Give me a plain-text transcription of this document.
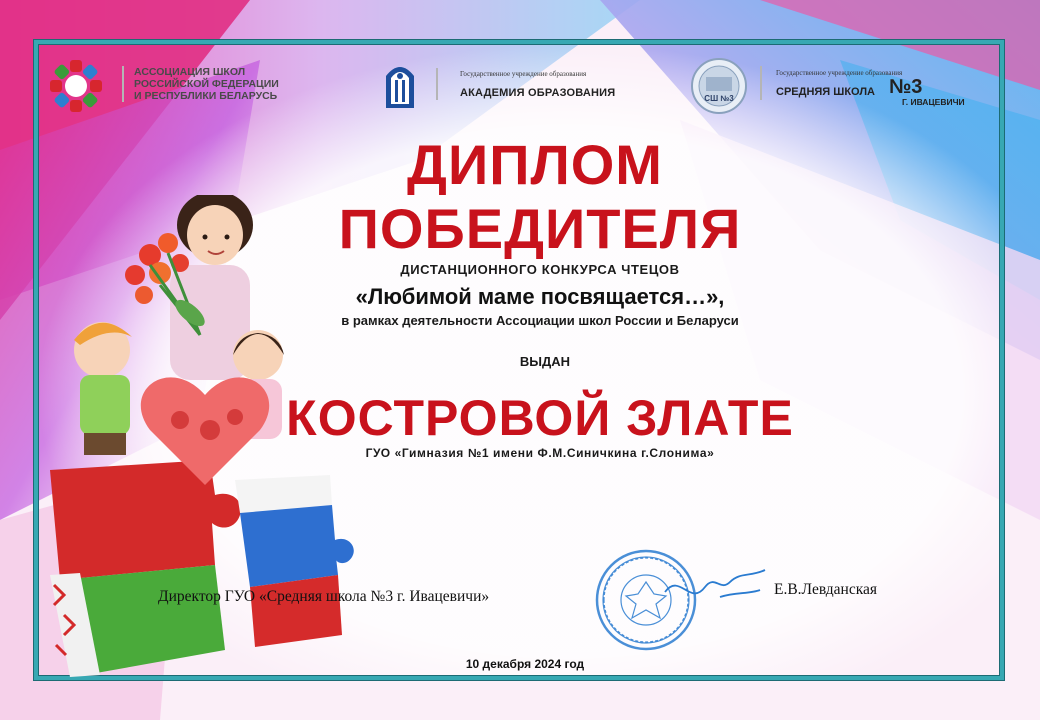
АССОЦИАЦИЯ ШКОЛ
РОССИЙСКОЙ ФЕДЕРАЦИИ
И РЕСПУБЛИКИ БЕЛАРУСЬ
Государственное учреждение образования
АКАДЕМИЯ ОБРАЗОВАНИЯ	СШ №3
Государственное учреждение образования
СРЕДНЯЯ ШКОЛА №3
Г. ИВАЦЕВИЧИ
ДИПЛОМ
ПОБЕДИТЕЛЯ
ДИСТАНЦИОННОГО КОНКУРСА ЧТЕЦОВ
«Любимой маме посвящается…»,
в рамках деятельности Ассоциации школ России и Беларуси
ВЫДАН
КОСТРОВОЙ ЗЛАТЕ
ГУО «Гимназия №1 имени Ф.М.Синичкина г.Слонима»
Директор ГУО «Средняя школа №3 г. Ивацевичи»	Е.В.Левданская
10 декабря 2024 год
